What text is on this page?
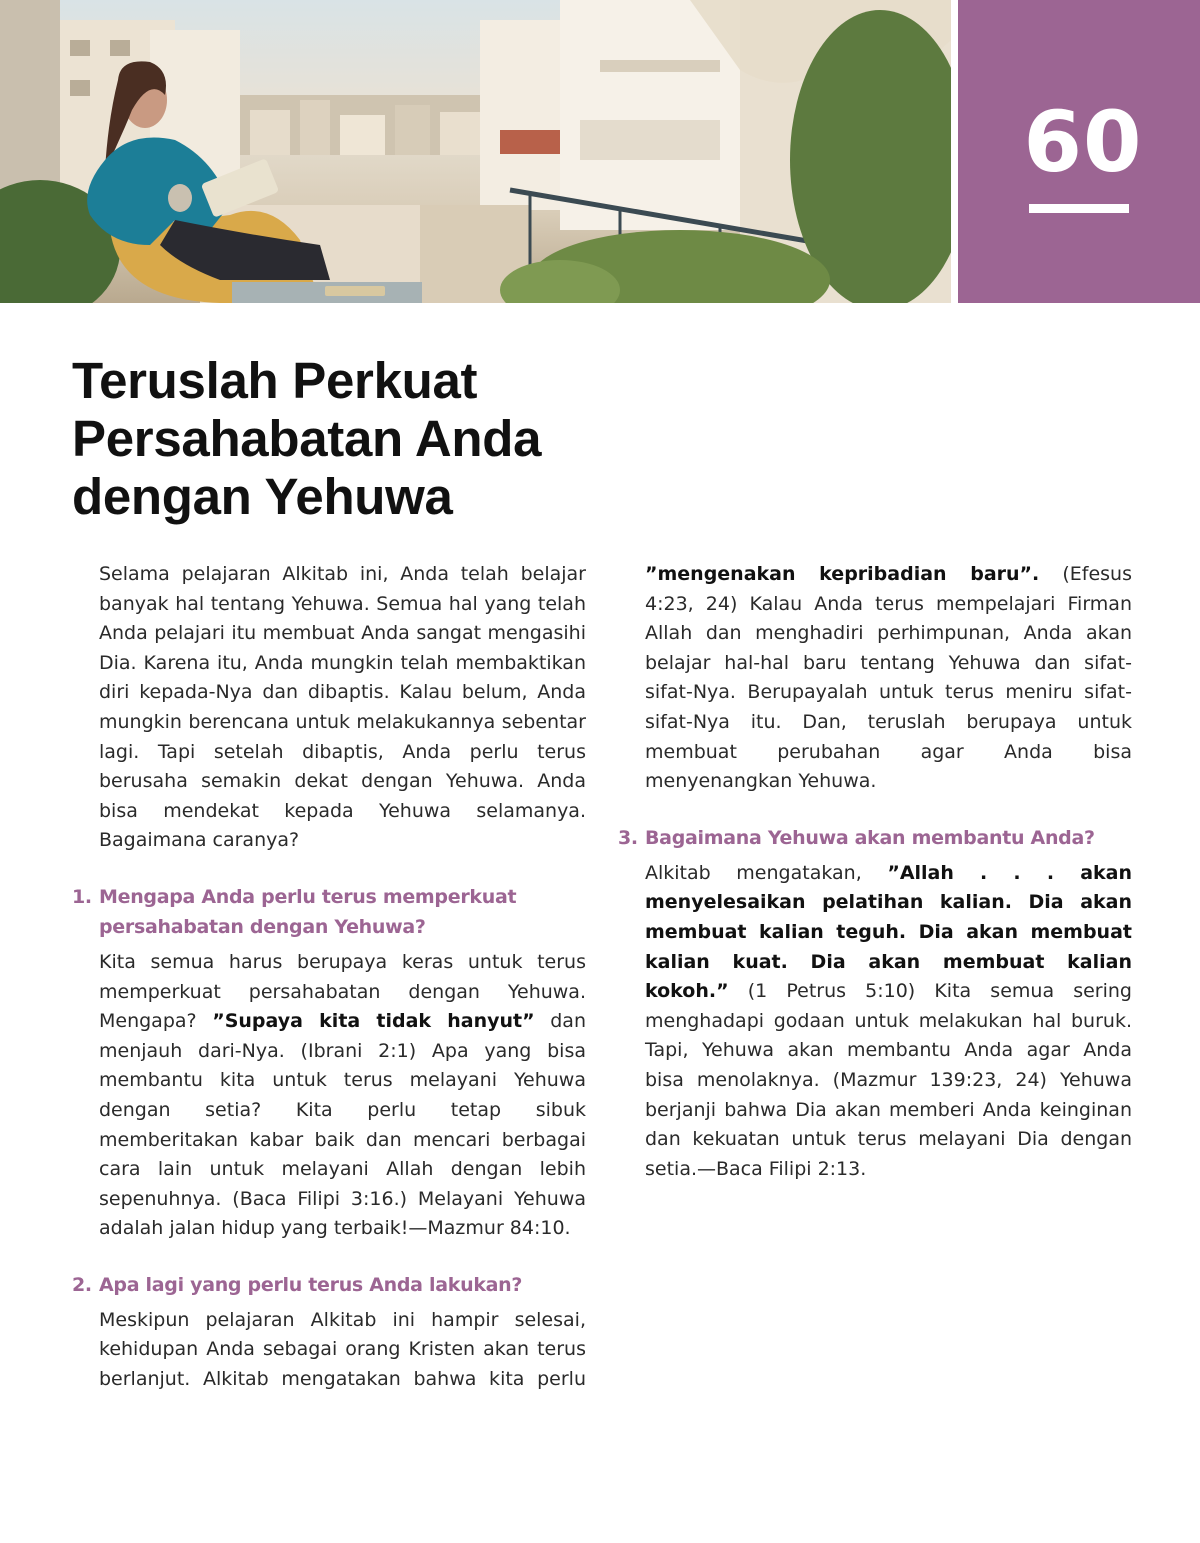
60
Teruslah Perkuat Persahabatan Anda dengan Yehuwa

Selama pelajaran Alkitab ini, Anda telah belajar banyak hal tentang Yehuwa. Semua hal yang telah Anda pelajari itu membuat Anda sangat mengasihi Dia. Karena itu, Anda mungkin telah membaktikan diri kepada-Nya dan dibaptis. Kalau belum, Anda mungkin berencana untuk melakukannya sebentar lagi. Tapi setelah dibaptis, Anda perlu terus berusaha semakin dekat dengan Yehuwa. Anda bisa mendekat kepada Yehuwa selamanya. Bagaimana caranya?

1. Mengapa Anda perlu terus memperkuat persahabatan dengan Yehuwa?

Kita semua harus berupaya keras untuk terus memperkuat persahabatan dengan Yehuwa. Mengapa? ”Supaya kita tidak hanyut” dan menjauh dari-Nya. (Ibrani 2:1) Apa yang bisa membantu kita untuk terus melayani Yehuwa dengan setia? Kita perlu tetap sibuk memberitakan kabar baik dan mencari berbagai cara lain untuk melayani Allah dengan lebih sepenuhnya. (Baca Filipi 3:16.) Melayani Yehuwa adalah jalan hidup yang terbaik!—Mazmur 84:10.

2. Apa lagi yang perlu terus Anda lakukan?

Meskipun pelajaran Alkitab ini hampir selesai, kehidupan Anda sebagai orang Kristen akan terus berlanjut. Alkitab mengatakan bahwa kita perlu

”mengenakan kepribadian baru”. (Efesus 4:23, 24) Kalau Anda terus mempelajari Firman Allah dan menghadiri perhimpunan, Anda akan belajar hal-hal baru tentang Yehuwa dan sifat-sifat-Nya. Berupayalah untuk terus meniru sifat-sifat-Nya itu. Dan, teruslah berupaya untuk membuat perubahan agar Anda bisa menyenangkan Yehuwa.

3. Bagaimana Yehuwa akan membantu Anda?

Alkitab mengatakan, ”Allah . . . akan menyelesaikan pelatihan kalian. Dia akan membuat kalian teguh. Dia akan membuat kalian kuat. Dia akan membuat kalian kokoh.” (1 Petrus 5:10) Kita semua sering menghadapi godaan untuk melakukan hal buruk. Tapi, Yehuwa akan membantu Anda agar Anda bisa menolaknya. (Mazmur 139:23, 24) Yehuwa berjanji bahwa Dia akan memberi Anda keinginan dan kekuatan untuk terus melayani Dia dengan setia.—Baca Filipi 2:13.
